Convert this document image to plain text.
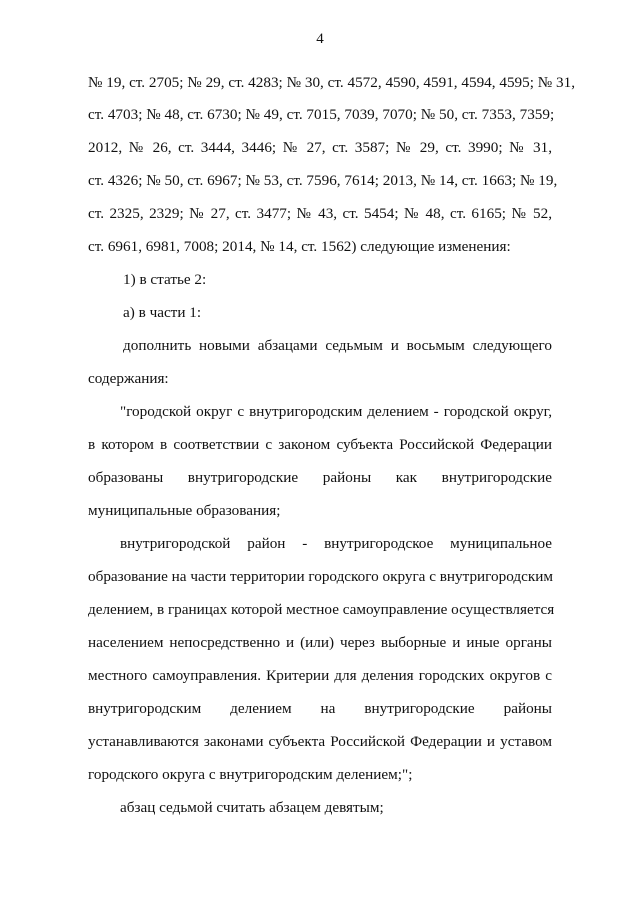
4
№ 19, ст. 2705; № 29, ст. 4283; № 30, ст. 4572, 4590, 4591, 4594, 4595; № 31,
ст. 4703; № 48, ст. 6730; № 49, ст. 7015, 7039, 7070; № 50, ст. 7353, 7359;
2012, № 26, ст. 3444, 3446; № 27, ст. 3587; № 29, ст. 3990; № 31,
ст. 4326; № 50, ст. 6967; № 53, ст. 7596, 7614; 2013, № 14, ст. 1663; № 19,
ст. 2325, 2329; № 27, ст. 3477; № 43, ст. 5454; № 48, ст. 6165; № 52,
ст. 6961, 6981, 7008; 2014, № 14, ст. 1562) следующие изменения:
1) в статье 2:
а) в части 1:
дополнить новыми абзацами седьмым и восьмым следующего
содержания:
"городской округ с внутригородским делением - городской округ,
в котором в соответствии с законом субъекта Российской Федерации
образованы внутригородские районы как внутригородские
муниципальные образования;
внутригородской район - внутригородское муниципальное
образование на части территории городского округа с внутригородским
делением, в границах которой местное самоуправление осуществляется
населением непосредственно и (или) через выборные и иные органы
местного самоуправления. Критерии для деления городских округов с
внутригородским делением на внутригородские районы
устанавливаются законами субъекта Российской Федерации и уставом
городского округа с внутригородским делением;";
абзац седьмой считать абзацем девятым;
